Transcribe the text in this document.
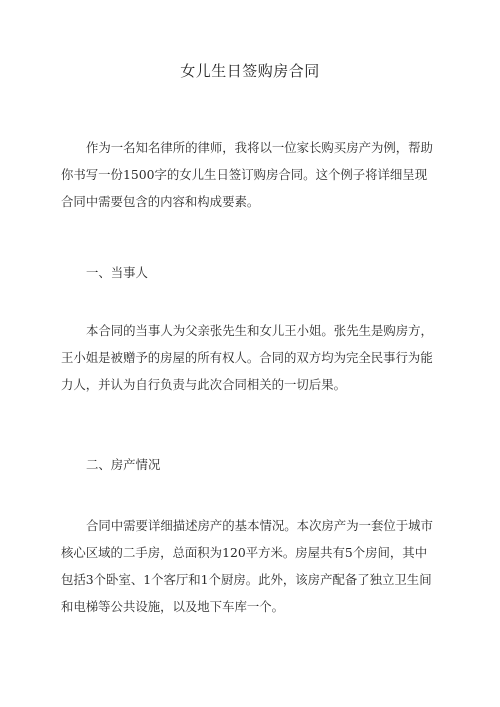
女儿生日签购房合同

作为一名知名律所的律师，我将以一位家长购买房产为例，帮助你书写一份1500字的女儿生日签订购房合同。这个例子将详细呈现合同中需要包含的内容和构成要素。

一、当事人

本合同的当事人为父亲张先生和女儿王小姐。张先生是购房方，王小姐是被赠予的房屋的所有权人。合同的双方均为完全民事行为能力人，并认为自行负责与此次合同相关的一切后果。

二、房产情况

合同中需要详细描述房产的基本情况。本次房产为一套位于城市核心区域的二手房，总面积为120平方米。房屋共有5个房间，其中包括3个卧室、1个客厅和1个厨房。此外，该房产配备了独立卫生间和电梯等公共设施，以及地下车库一个。
